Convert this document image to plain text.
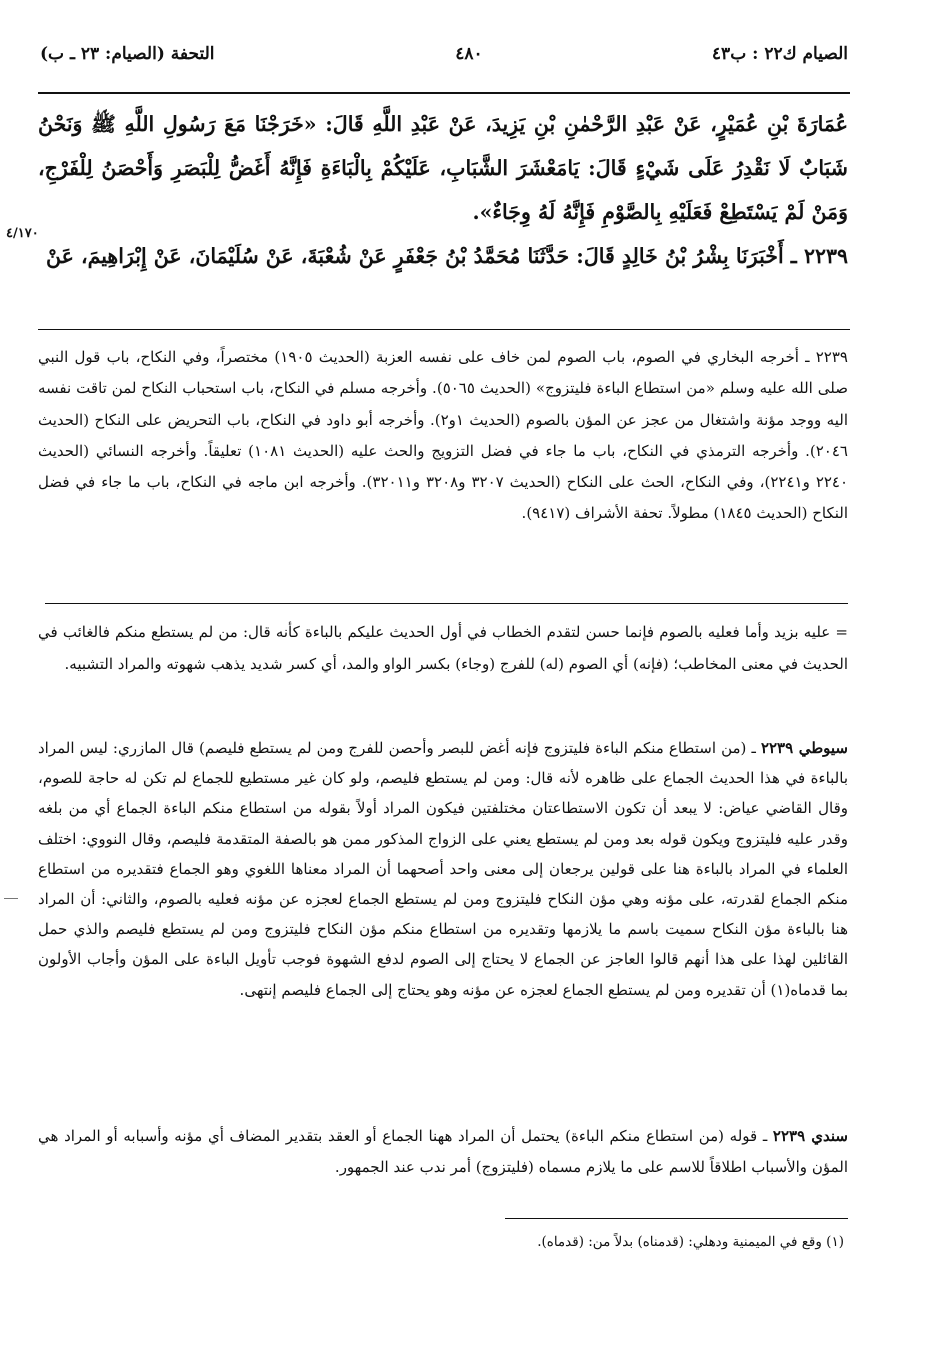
الصيام ك٢٢ : ب٤٣
٤٨٠
التحفة (الصيام: ٢٣ ـ ب)
عُمَارَةَ بْنِ عُمَيْرٍ، عَنْ عَبْدِ الرَّحْمٰنِ بْنِ يَزِيدَ، عَنْ عَبْدِ اللَّهِ قَالَ: «خَرَجْنَا مَعَ رَسُولِ اللَّهِ ﷺ وَنَحْنُ شَبَابٌ لَا نَقْدِرُ عَلَى شَيْءٍ قَالَ: يَامَعْشَرَ الشَّبَابِ، عَلَيْكُمْ بِالْبَاءَةِ فَإِنَّهُ أَغَضُّ لِلْبَصَرِ وَأَحْصَنُ لِلْفَرْجِ، وَمَنْ لَمْ يَسْتَطِعْ فَعَلَيْهِ بِالصَّوْمِ فَإِنَّهُ لَهُ وِجَاءٌ».
٢٢٣٩ ـ أَخْبَرَنَا بِشْرُ بْنُ خَالِدٍ قَالَ: حَدَّثَنَا مُحَمَّدُ بْنُ جَعْفَرٍ عَنْ شُعْبَةَ، عَنْ سُلَيْمَانَ، عَنْ إِبْرَاهِيمَ، عَنْ
٤/١٧٠
٢٢٣٩ ـ أخرجه البخاري في الصوم، باب الصوم لمن خاف على نفسه العزبة (الحديث ١٩٠٥) مختصراً، وفي النكاح، باب قول النبي صلى الله عليه وسلم «من استطاع الباءة فليتزوج» (الحديث ٥٠٦٥). وأخرجه مسلم في النكاح، باب استحباب النكاح لمن تاقت نفسه اليه ووجد مؤنة واشتغال من عجز عن المؤن بالصوم (الحديث ١و٢). وأخرجه أبو داود في النكاح، باب التحريض على النكاح (الحديث ٢٠٤٦). وأخرجه الترمذي في النكاح، باب ما جاء في فضل التزويج والحث عليه (الحديث ١٠٨١) تعليقاً. وأخرجه النسائي (الحديث ٢٢٤٠ و٢٢٤١)، وفي النكاح، الحث على النكاح (الحديث ٣٢٠٧ و٣٢٠٨ و٣٢٠١١). وأخرجه ابن ماجه في النكاح، باب ما جاء في فضل النكاح (الحديث ١٨٤٥) مطولاً. تحفة الأشراف (٩٤١٧).
= عليه بزيد وأما فعليه بالصوم فإنما حسن لتقدم الخطاب في أول الحديث عليكم بالباءة كأنه قال: من لم يستطع منكم فالغائب في الحديث في معنى المخاطب؛ (فإنه) أي الصوم (له) للفرج (وجاء) بكسر الواو والمد، أي كسر شديد يذهب شهوته والمراد التشبيه.
سيوطي ٢٢٣٩ ـ (من استطاع منكم الباءة فليتزوج فإنه أغض للبصر وأحصن للفرج ومن لم يستطع فليصم) قال المازري: ليس المراد بالباءة في هذا الحديث الجماع على ظاهره لأنه قال: ومن لم يستطع فليصم، ولو كان غير مستطيع للجماع لم تكن له حاجة للصوم، وقال القاضي عياض: لا يبعد أن تكون الاستطاعتان مختلفتين فيكون المراد أولاً بقوله من استطاع منكم الباءة الجماع أي من بلغه وقدر عليه فليتزوج ويكون قوله بعد ومن لم يستطع يعني على الزواج المذكور ممن هو بالصفة المتقدمة فليصم، وقال النووي: اختلف العلماء في المراد بالباءة هنا على قولين يرجعان إلى معنى واحد أصحهما أن المراد معناها اللغوي وهو الجماع فتقديره من استطاع منكم الجماع لقدرته، على مؤنه وهي مؤن النكاح فليتزوج ومن لم يستطع الجماع لعجزه عن مؤنه فعليه بالصوم، والثاني: أن المراد هنا بالباءة مؤن النكاح سميت باسم ما يلازمها وتقديره من استطاع منكم مؤن النكاح فليتزوج ومن لم يستطع فليصم والذي حمل القائلين لهذا على هذا أنهم قالوا العاجز عن الجماع لا يحتاج إلى الصوم لدفع الشهوة فوجب تأويل الباءة على المؤن وأجاب الأولون بما قدماه(١) أن تقديره ومن لم يستطع الجماع لعجزه عن مؤنه وهو يحتاج إلى الجماع فليصم إنتهى.
سندي ٢٢٣٩ ـ قوله (من استطاع منكم الباءة) يحتمل أن المراد ههنا الجماع أو العقد بتقدير المضاف أي مؤنه وأسبابه أو المراد هي المؤن والأسباب اطلاقاً للاسم على ما يلازم مسماه (فليتزوج) أمر ندب عند الجمهور.
(١) وقع في الميمنية ودهلي: (قدمناه) بدلاً من: (قدماه).
